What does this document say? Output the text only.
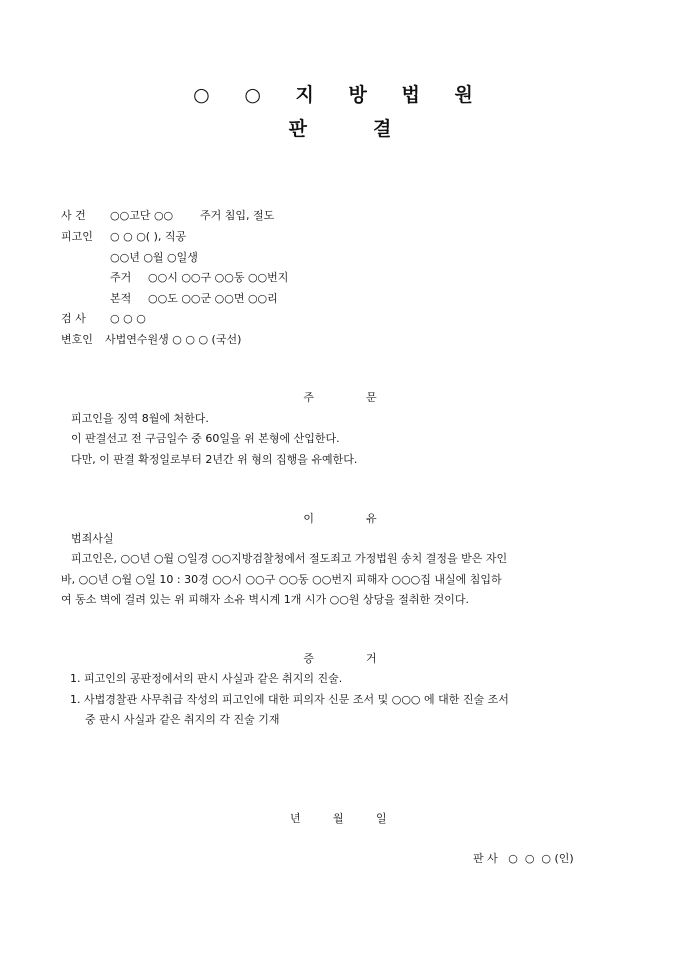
○ ○ 지 방 법 원
판	결
사 건 ○○고단 ○○ 주거 침입, 절도
피고인 ○ ○ ○( ), 직공
○○년 ○월 ○일생
주거 ○○시 ○○구 ○○동 ○○번지
본적 ○○도 ○○군 ○○면 ○○리
검 사 ○ ○ ○
변호인 사법연수원생 ○ ○ ○ (국선)
주	문
피고인을 징역 8월에 처한다.
이 판결선고 전 구금일수 중 60일을 위 본형에 산입한다.
다만, 이 판결 확정일로부터 2년간 위 형의 집행을 유예한다.
이	유
범죄사실
피고인은, ○○년 ○월 ○일경 ○○지방검찰청에서 절도죄고 가정법원 송치 결정을 받은 자인
바, ○○년 ○월 ○일 10 : 30경 ○○시 ○○구 ○○동 ○○번지 피해자 ○○○집 내실에 침입하
여 동소 벽에 걸려 있는 위 피해자 소유 벽시계 1개 시가 ○○원 상당을 절취한 것이다.
증	거
1. 피고인의 공판정에서의 판시 사실과 같은 취지의 진술.
1. 사법경찰관 사무취급 작성의 피고인에 대한 피의자 신문 조서 및 ○○○ 에 대한 진술 조서
중 판시 사실과 같은 취지의 각 진술 기재
년	월	일
판 사   ○  ○  ○ (인)
